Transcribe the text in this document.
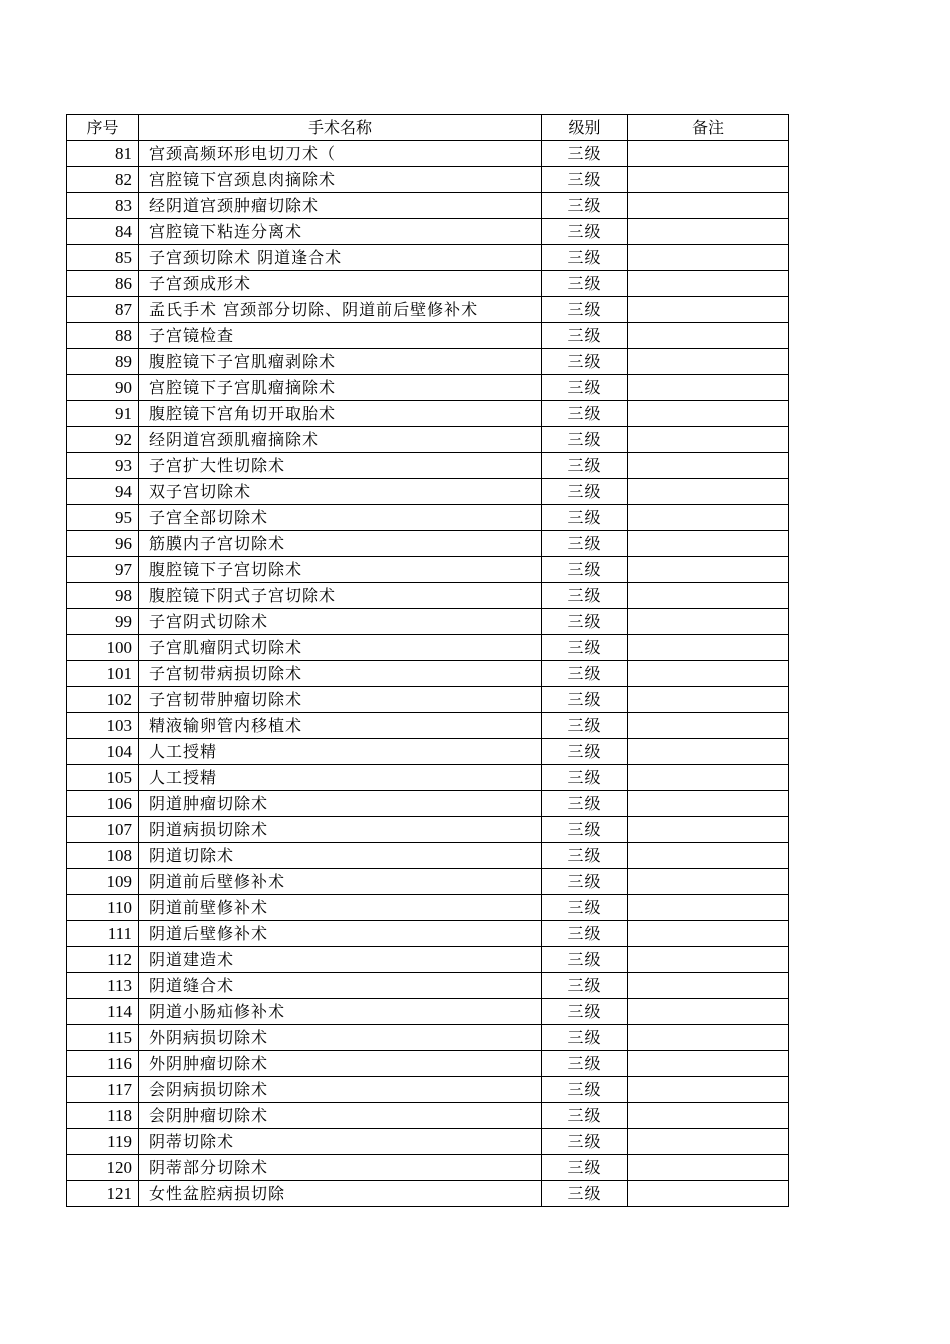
序号	手术名称	级别	备注
81	宫颈高频环形电切刀术（	三级	
82	宫腔镜下宫颈息肉摘除术	三级	
83	经阴道宫颈肿瘤切除术	三级	
84	宫腔镜下粘连分离术	三级	
85	子宫颈切除术 阴道逢合术	三级	
86	子宫颈成形术	三级	
87	孟氏手术 宫颈部分切除、阴道前后壁修补术	三级	
88	子宫镜检查	三级	
89	腹腔镜下子宫肌瘤剥除术	三级	
90	宫腔镜下子宫肌瘤摘除术	三级	
91	腹腔镜下宫角切开取胎术	三级	
92	经阴道宫颈肌瘤摘除术	三级	
93	子宫扩大性切除术	三级	
94	双子宫切除术	三级	
95	子宫全部切除术	三级	
96	筋膜内子宫切除术	三级	
97	腹腔镜下子宫切除术	三级	
98	腹腔镜下阴式子宫切除术	三级	
99	子宫阴式切除术	三级	
100	子宫肌瘤阴式切除术	三级	
101	子宫韧带病损切除术	三级	
102	子宫韧带肿瘤切除术	三级	
103	精液输卵管内移植术	三级	
104	人工授精	三级	
105	人工授精	三级	
106	阴道肿瘤切除术	三级	
107	阴道病损切除术	三级	
108	阴道切除术	三级	
109	阴道前后壁修补术	三级	
110	阴道前壁修补术	三级	
111	阴道后壁修补术	三级	
112	阴道建造术	三级	
113	阴道缝合术	三级	
114	阴道小肠疝修补术	三级	
115	外阴病损切除术	三级	
116	外阴肿瘤切除术	三级	
117	会阴病损切除术	三级	
118	会阴肿瘤切除术	三级	
119	阴蒂切除术	三级	
120	阴蒂部分切除术	三级	
121	女性盆腔病损切除	三级	
